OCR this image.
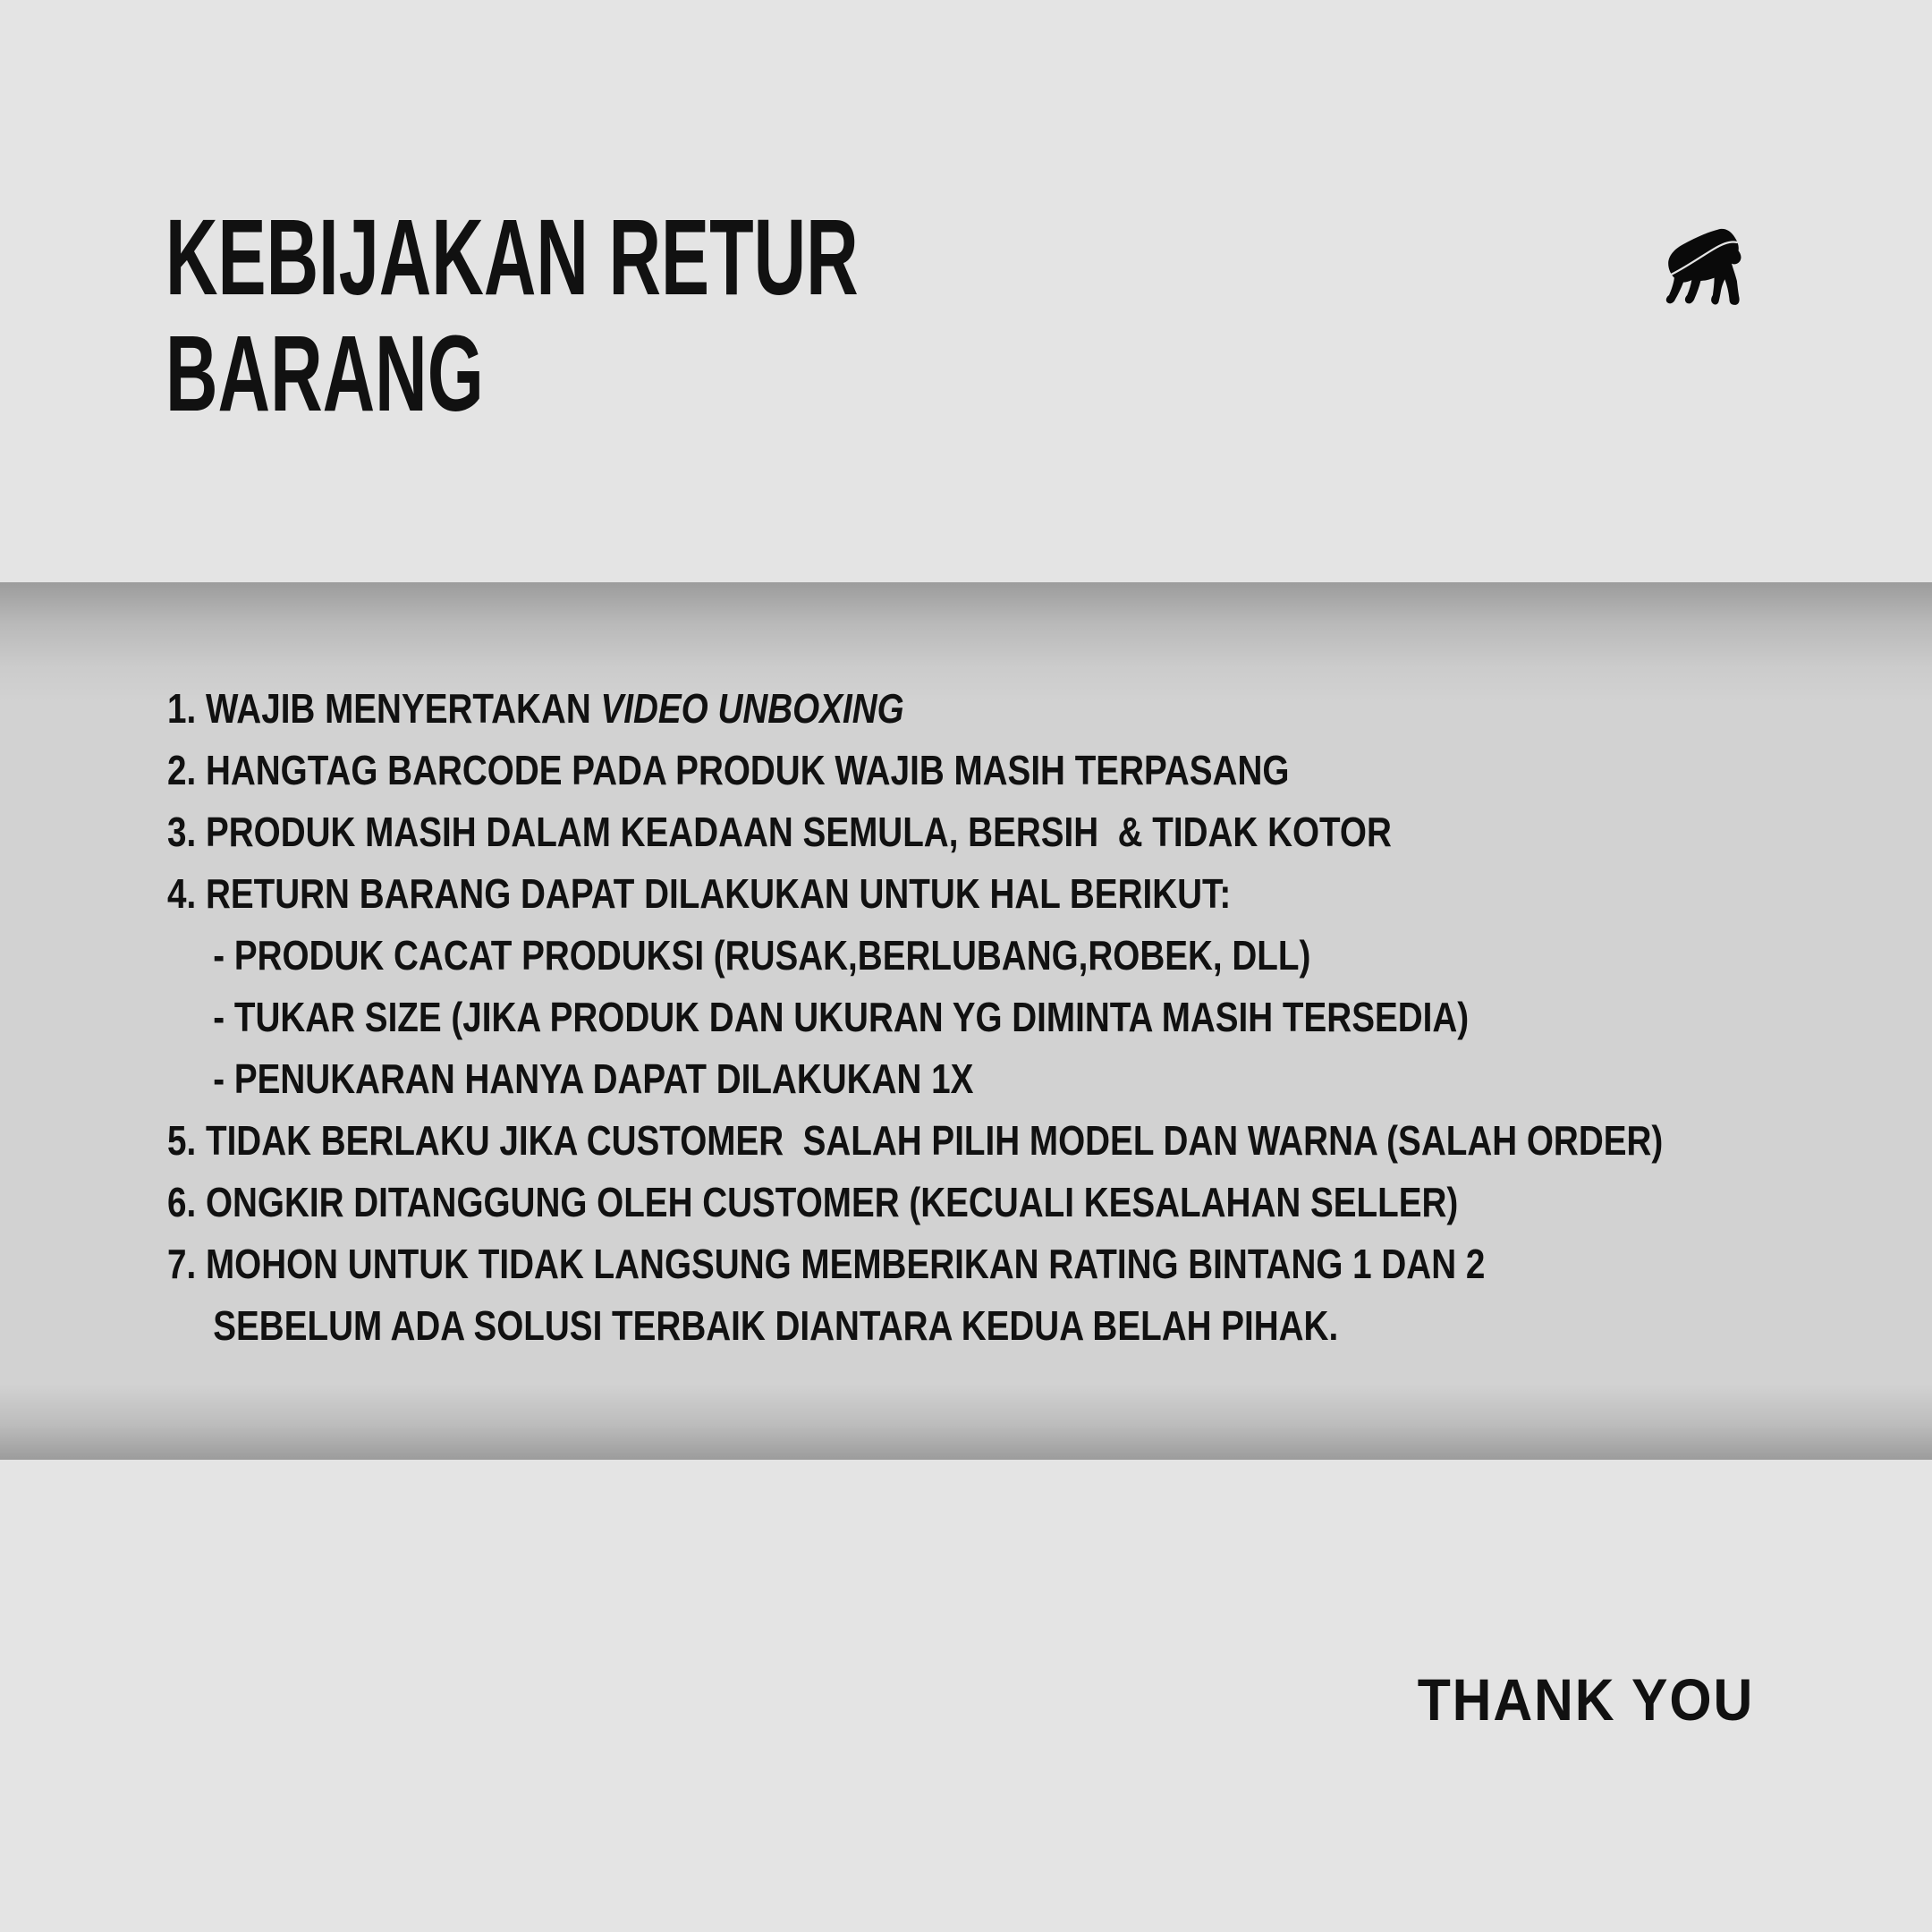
KEBIJAKAN RETUR
BARANG
1. WAJIB MENYERTAKAN VIDEO UNBOXING
2. HANGTAG BARCODE PADA PRODUK WAJIB MASIH TERPASANG
3. PRODUK MASIH DALAM KEADAAN SEMULA, BERSIH  & TIDAK KOTOR
4. RETURN BARANG DAPAT DILAKUKAN UNTUK HAL BERIKUT:
- PRODUK CACAT PRODUKSI (RUSAK,BERLUBANG,ROBEK, DLL)
- TUKAR SIZE (JIKA PRODUK DAN UKURAN YG DIMINTA MASIH TERSEDIA)
- PENUKARAN HANYA DAPAT DILAKUKAN 1X
5. TIDAK BERLAKU JIKA CUSTOMER  SALAH PILIH MODEL DAN WARNA (SALAH ORDER)
6. ONGKIR DITANGGUNG OLEH CUSTOMER (KECUALI KESALAHAN SELLER)
7. MOHON UNTUK TIDAK LANGSUNG MEMBERIKAN RATING BINTANG 1 DAN 2
SEBELUM ADA SOLUSI TERBAIK DIANTARA KEDUA BELAH PIHAK.
THANK YOU
